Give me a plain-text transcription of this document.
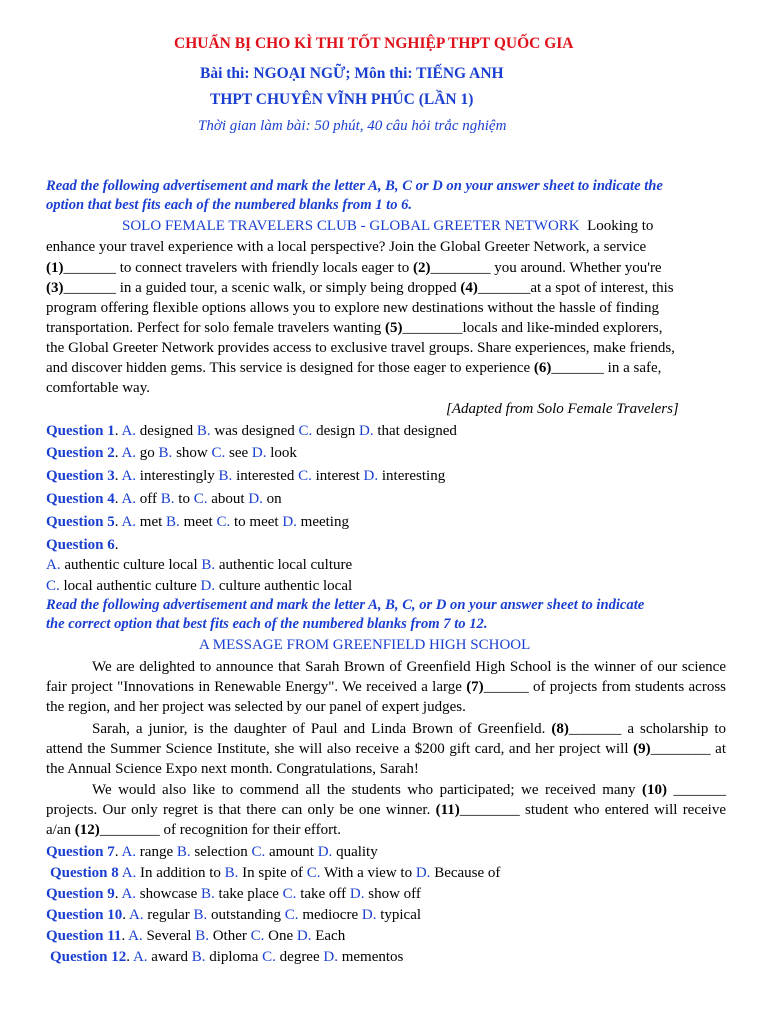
CHUẨN BỊ CHO KÌ THI TỐT NGHIỆP THPT QUỐC GIA
Bài thi: NGOẠI NGỮ; Môn thi: TIẾNG ANH
THPT CHUYÊN VĨNH PHÚC (LẦN 1)
Thời gian làm bài: 50 phút, 40 câu hỏi trắc nghiệm
Read the following advertisement and mark the letter A, B, C or D on your answer sheet to indicate the
option that best fits each of the numbered blanks from 1 to 6.
SOLO FEMALE TRAVELERS CLUB - GLOBAL GREETER NETWORK Looking to
enhance your travel experience with a local perspective? Join the Global Greeter Network, a service
(1)_______ to connect travelers with friendly locals eager to (2)________ you around. Whether you're
(3)_______ in a guided tour, a scenic walk, or simply being dropped (4)_______at a spot of interest, this
program offering flexible options allows you to explore new destinations without the hassle of finding
transportation. Perfect for solo female travelers wanting (5)________locals and like-minded explorers,
the Global Greeter Network provides access to exclusive travel groups. Share experiences, make friends,
and discover hidden gems. This service is designed for those eager to experience (6)_______ in a safe,
comfortable way.
[Adapted from Solo Female Travelers]
Question 1. A. designed B. was designed C. design D. that designed
Question 2. A. go B. show C. see D. look
Question 3. A. interestingly B. interested C. interest D. interesting
Question 4. A. off B. to C. about D. on
Question 5. A. met B. meet C. to meet D. meeting
Question 6.
A. authentic culture local B. authentic local culture
C. local authentic culture D. culture authentic local
Read the following advertisement and mark the letter A, B, C, or D on your answer sheet to indicate
the correct option that best fits each of the numbered blanks from 7 to 12.
A MESSAGE FROM GREENFIELD HIGH SCHOOL
We are delighted to announce that Sarah Brown of Greenfield High School is the winner of our science fair project "Innovations in Renewable Energy". We received a large (7)______ of projects from students across the region, and her project was selected by our panel of expert judges.
Sarah, a junior, is the daughter of Paul and Linda Brown of Greenfield. (8)_______ a scholarship to attend the Summer Science Institute, she will also receive a $200 gift card, and her project will (9)________ at the Annual Science Expo next month. Congratulations, Sarah!
We would also like to commend all the students who participated; we received many (10) _______ projects. Our only regret is that there can only be one winner. (11)________ student who entered will receive a/an (12)________ of recognition for their effort.
Question 7. A. range B. selection C. amount D. quality
Question 8 A. In addition to B. In spite of C. With a view to D. Because of
Question 9. A. showcase B. take place C. take off D. show off
Question 10. A. regular B. outstanding C. mediocre D. typical
Question 11. A. Several B. Other C. One D. Each
Question 12. A. award B. diploma C. degree D. mementos
